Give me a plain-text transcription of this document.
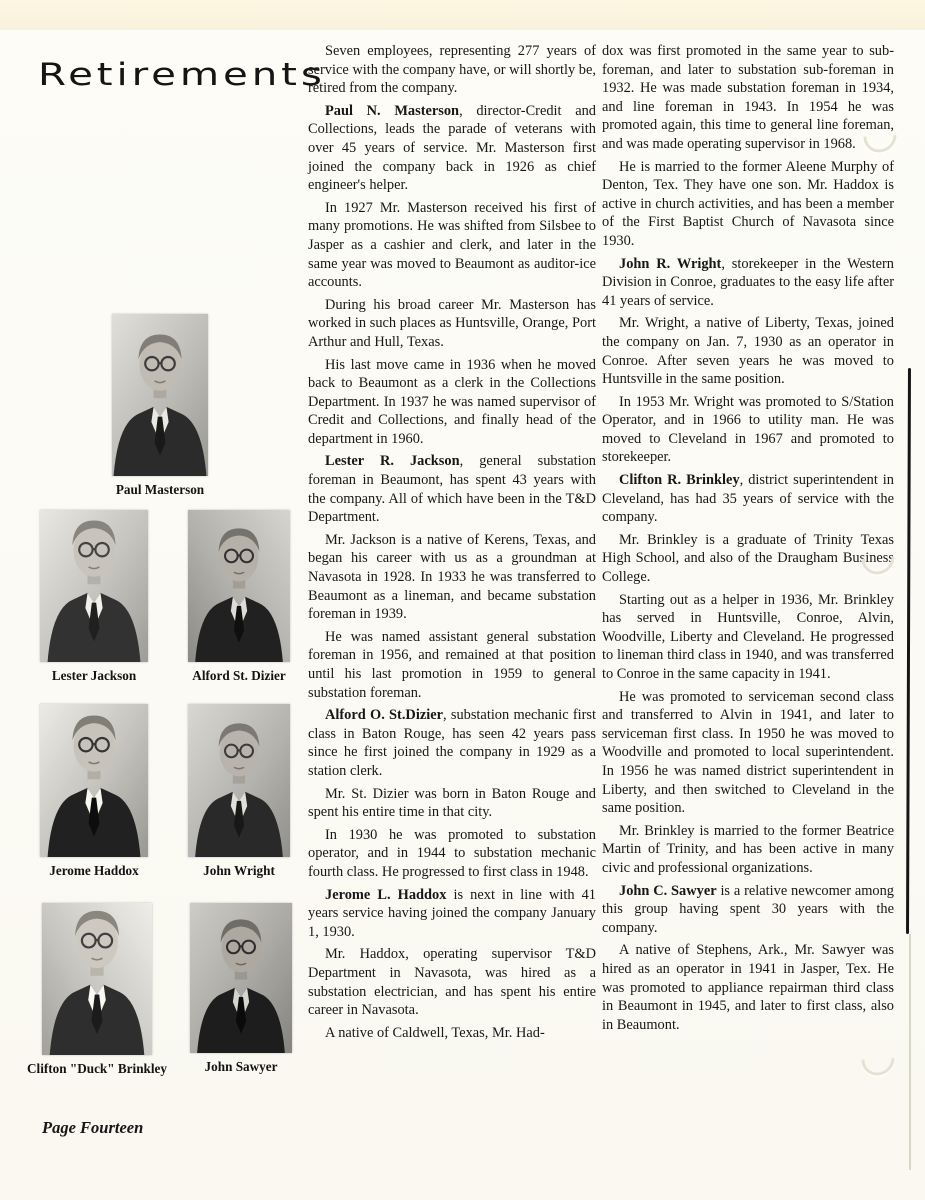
Retirements
Paul Masterson
Lester Jackson	Alford St. Dizier
Jerome Haddox	John Wright
Clifton "Duck" Brinkley	John Sawyer

Seven employees, representing 277 years of service with the company have, or will shortly be, retired from the company.

Paul N. Masterson, director-Credit and Collections, leads the parade of veterans with over 45 years of service. Mr. Masterson first joined the company back in 1926 as chief engineer's helper.

In 1927 Mr. Masterson received his first of many promotions. He was shifted from Silsbee to Jasper as a cashier and clerk, and later in the same year was moved to Beaumont as auditor-ice accounts.

During his broad career Mr. Masterson has worked in such places as Huntsville, Orange, Port Arthur and Hull, Texas.

His last move came in 1936 when he moved back to Beaumont as a clerk in the Collections Department. In 1937 he was named supervisor of Credit and Collections, and finally head of the department in 1960.

Lester R. Jackson, general substation foreman in Beaumont, has spent 43 years with the company. All of which have been in the T&D Department.

Mr. Jackson is a native of Kerens, Texas, and began his career with us as a groundman at Navasota in 1928. In 1933 he was transferred to Beaumont as a lineman, and became substation foreman in 1939.

He was named assistant general substation foreman in 1956, and remained at that position until his last promotion in 1959 to general substation foreman.

Alford O. St.Dizier, substation mechanic first class in Baton Rouge, has seen 42 years pass since he first joined the company in 1929 as a station clerk.

Mr. St. Dizier was born in Baton Rouge and spent his entire time in that city.

In 1930 he was promoted to substation operator, and in 1944 to substation mechanic fourth class. He progressed to first class in 1948.

Jerome L. Haddox is next in line with 41 years service having joined the company January 1, 1930.

Mr. Haddox, operating supervisor T&D Department in Navasota, was hired as a substation electrician, and has spent his entire career in Navasota.

A native of Caldwell, Texas, Mr. Had-

dox was first promoted in the same year to sub-foreman, and later to substation sub-foreman in 1932. He was made substation foreman in 1934, and line foreman in 1943. In 1954 he was promoted again, this time to general line foreman, and was made operating supervisor in 1968.

He is married to the former Aleene Murphy of Denton, Tex. They have one son. Mr. Haddox is active in church activities, and has been a member of the First Baptist Church of Navasota since 1930.

John R. Wright, storekeeper in the Western Division in Conroe, graduates to the easy life after 41 years of service.

Mr. Wright, a native of Liberty, Texas, joined the company on Jan. 7, 1930 as an operator in Conroe. After seven years he was moved to Huntsville in the same position.

In 1953 Mr. Wright was promoted to S/Station Operator, and in 1966 to utility man. He was moved to Cleveland in 1967 and promoted to storekeeper.

Clifton R. Brinkley, district superintendent in Cleveland, has had 35 years of service with the company.

Mr. Brinkley is a graduate of Trinity Texas High School, and also of the Draugham Business College.

Starting out as a helper in 1936, Mr. Brinkley has served in Huntsville, Conroe, Alvin, Woodville, Liberty and Cleveland. He progressed to lineman third class in 1940, and was transferred to Conroe in the same capacity in 1941.

He was promoted to serviceman second class and transferred to Alvin in 1941, and later to serviceman first class. In 1950 he was moved to Woodville and promoted to local superintendent. In 1956 he was named district superintendent in Liberty, and then switched to Cleveland in the same position.

Mr. Brinkley is married to the former Beatrice Martin of Trinity, and has been active in many civic and professional organizations.

John C. Sawyer is a relative newcomer among this group having spent 30 years with the company.

A native of Stephens, Ark., Mr. Sawyer was hired as an operator in 1941 in Jasper, Tex. He was promoted to appliance repairman third class in Beaumont in 1945, and later to first class, also in Beaumont.

Page Fourteen
